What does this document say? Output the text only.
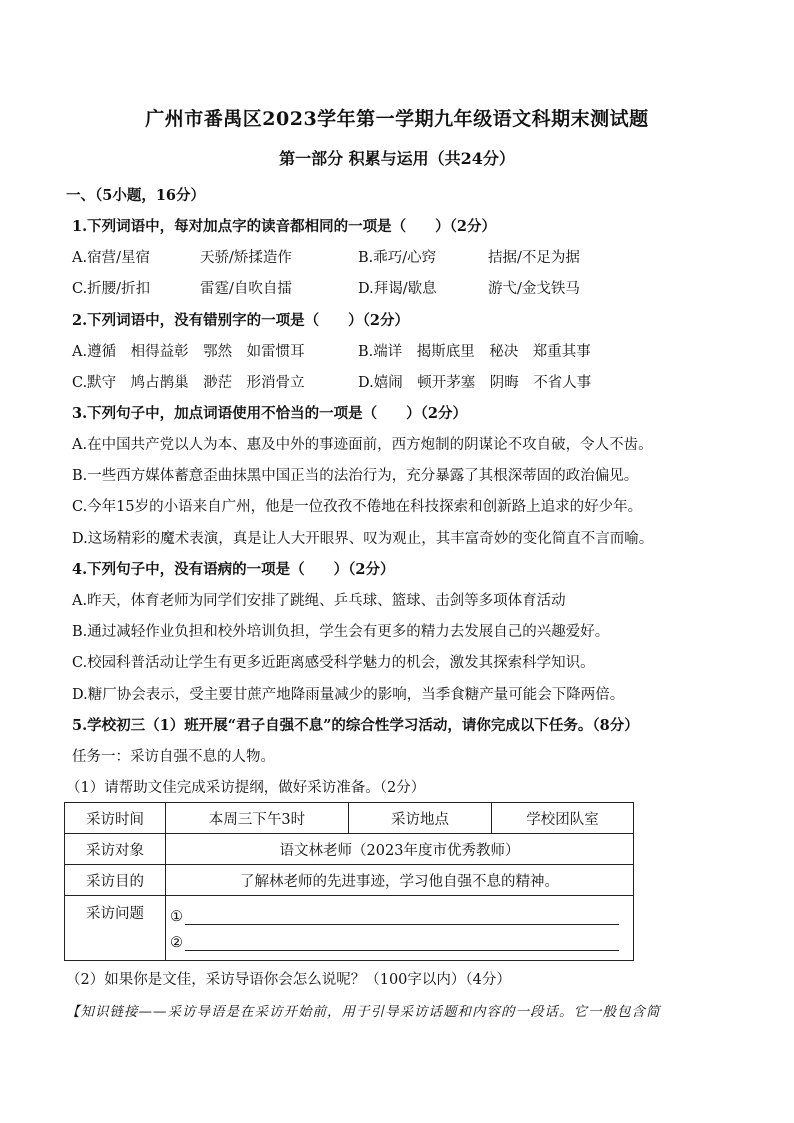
广州市番禺区2023学年第一学期九年级语文科期末测试题
第一部分 积累与运用（共24分）
一、（5小题，16分）
1.下列词语中，每对加点字的读音都相同的一项是（　　）（2分）
A.宿营/星宿	天骄/矫揉造作	B.乖巧/心窍	拮据/不足为据
C.折腰/折扣	雷霆/自吹自擂	D.拜谒/歇息	游弋/金戈铁马
2.下列词语中，没有错别字的一项是（　　）（2分）
A.遵循　相得益彰　鄂然　如雷惯耳	B.端详　揭斯底里　秘决　郑重其事
C.默守　鸠占鹊巢　渺茫　形消骨立	D.嬉闹　顿开茅塞　阴晦　不省人事
3.下列句子中，加点词语使用不恰当的一项是（　　）（2分）
A.在中国共产党以人为本、惠及中外的事迹面前，西方炮制的阴谋论不攻自破，令人不齿。
B.一些西方媒体蓄意歪曲抹黑中国正当的法治行为，充分暴露了其根深蒂固的政治偏见。
C.今年15岁的小语来自广州，他是一位孜孜不倦地在科技探索和创新路上追求的好少年。
D.这场精彩的魔术表演，真是让人大开眼界、叹为观止，其丰富奇妙的变化简直不言而喻。
4.下列句子中，没有语病的一项是（　　）（2分）
A.昨天，体育老师为同学们安排了跳绳、乒乓球、篮球、击剑等多项体育活动
B.通过减轻作业负担和校外培训负担，学生会有更多的精力去发展自己的兴趣爱好。
C.校园科普活动让学生有更多近距离感受科学魅力的机会，激发其探索科学知识。
D.糖厂协会表示，受主要甘蔗产地降雨量减少的影响，当季食糖产量可能会下降两倍。
5.学校初三（1）班开展“君子自强不息”的综合性学习活动，请你完成以下任务。（8分）
任务一：采访自强不息的人物。
（1）请帮助文佳完成采访提纲，做好采访准备。（2分）
采访时间	本周三下午3时	采访地点	学校团队室
采访对象	语文林老师（2023年度市优秀教师）		
采访目的	了解林老师的先进事迹，学习他自强不息的精神。		
采访问题	①
②		
（2）如果你是文佳，采访导语你会怎么说呢？（100字以内）（4分）
【知识链接——采访导语是在采访开始前，用于引导采访话题和内容的一段话。它一般包含简
